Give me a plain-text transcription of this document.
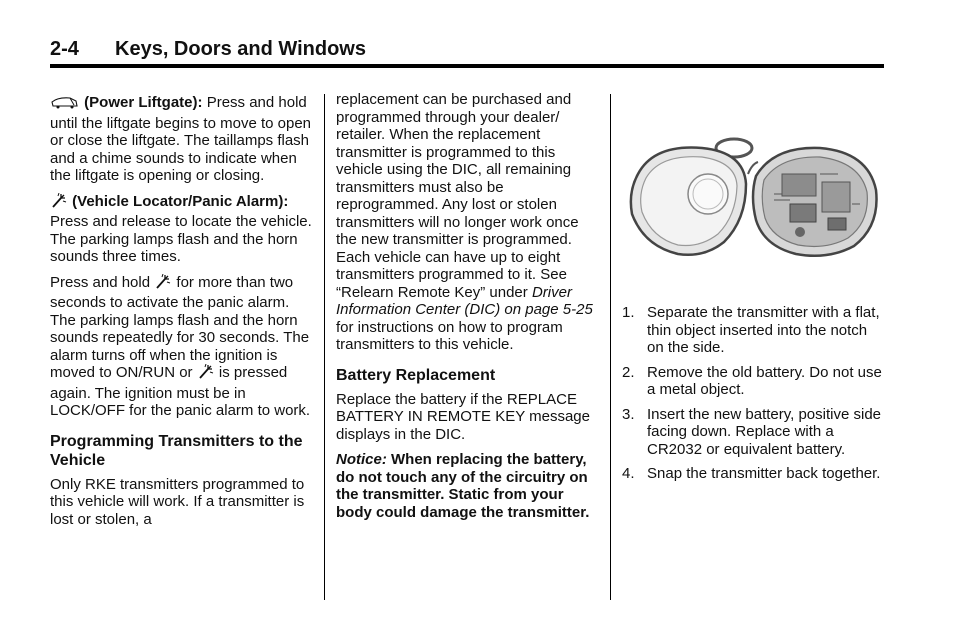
2-4 Keys, Doors and Windows

(Power Liftgate): Press and hold until the liftgate begins to move to open or close the liftgate. The taillamps flash and a chime sounds to indicate when the liftgate is opening or closing.

(Vehicle Locator/Panic Alarm): Press and release to locate the vehicle. The parking lamps flash and the horn sounds three times.

Press and hold for more than two seconds to activate the panic alarm. The parking lamps flash and the horn sounds repeatedly for 30 seconds. The alarm turns off when the ignition is moved to ON/RUN or is pressed again. The ignition must be in LOCK/OFF for the panic alarm to work.

Programming Transmitters to the Vehicle

Only RKE transmitters programmed to this vehicle will work. If a transmitter is lost or stolen, a

replacement can be purchased and programmed through your dealer/ retailer. When the replacement transmitter is programmed to this vehicle using the DIC, all remaining transmitters must also be reprogrammed. Any lost or stolen transmitters will no longer work once the new transmitter is programmed. Each vehicle can have up to eight transmitters programmed to it. See “Relearn Remote Key” under Driver Information Center (DIC) on page 5-25 for instructions on how to program transmitters to this vehicle.

Battery Replacement

Replace the battery if the REPLACE BATTERY IN REMOTE KEY message displays in the DIC.

Notice: When replacing the battery, do not touch any of the circuitry on the transmitter. Static from your body could damage the transmitter.

1. Separate the transmitter with a flat, thin object inserted into the notch on the side.
2. Remove the old battery. Do not use a metal object.
3. Insert the new battery, positive side facing down. Replace with a CR2032 or equivalent battery.
4. Snap the transmitter back together.
